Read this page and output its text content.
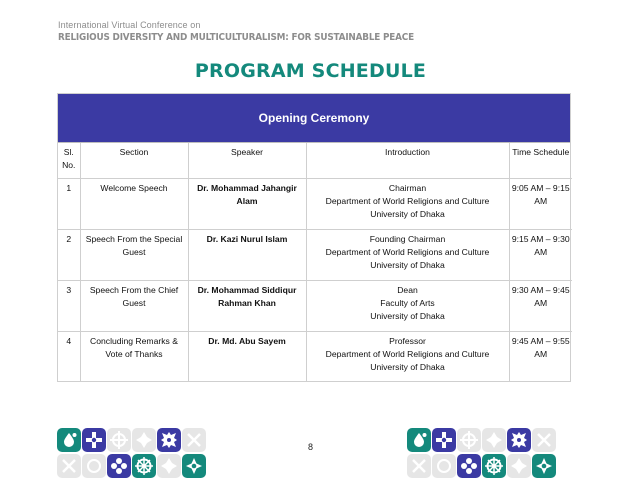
International Virtual Conference on
RELIGIOUS DIVERSITY AND MULTICULTURALISM: FOR SUSTAINABLE PEACE
PROGRAM SCHEDULE
Opening Ceremony
Sl. No.	Section	Speaker	Introduction	Time Schedule
1	Welcome Speech	Dr. Mohammad Jahangir Alam	Chairman
Department of World Religions and Culture
University of Dhaka	9:05 AM – 9:15 AM
2	Speech From the Special Guest	Dr. Kazi Nurul Islam	Founding Chairman
Department of World Religions and Culture
University of Dhaka	9:15 AM – 9:30 AM
3	Speech From the Chief Guest	Dr. Mohammad Siddiqur Rahman Khan	Dean
Faculty of Arts
University of Dhaka	9:30 AM – 9:45 AM
4	Concluding Remarks & Vote of Thanks	Dr. Md. Abu Sayem	Professor
Department of World Religions and Culture
University of Dhaka	9:45 AM – 9:55 AM
8
